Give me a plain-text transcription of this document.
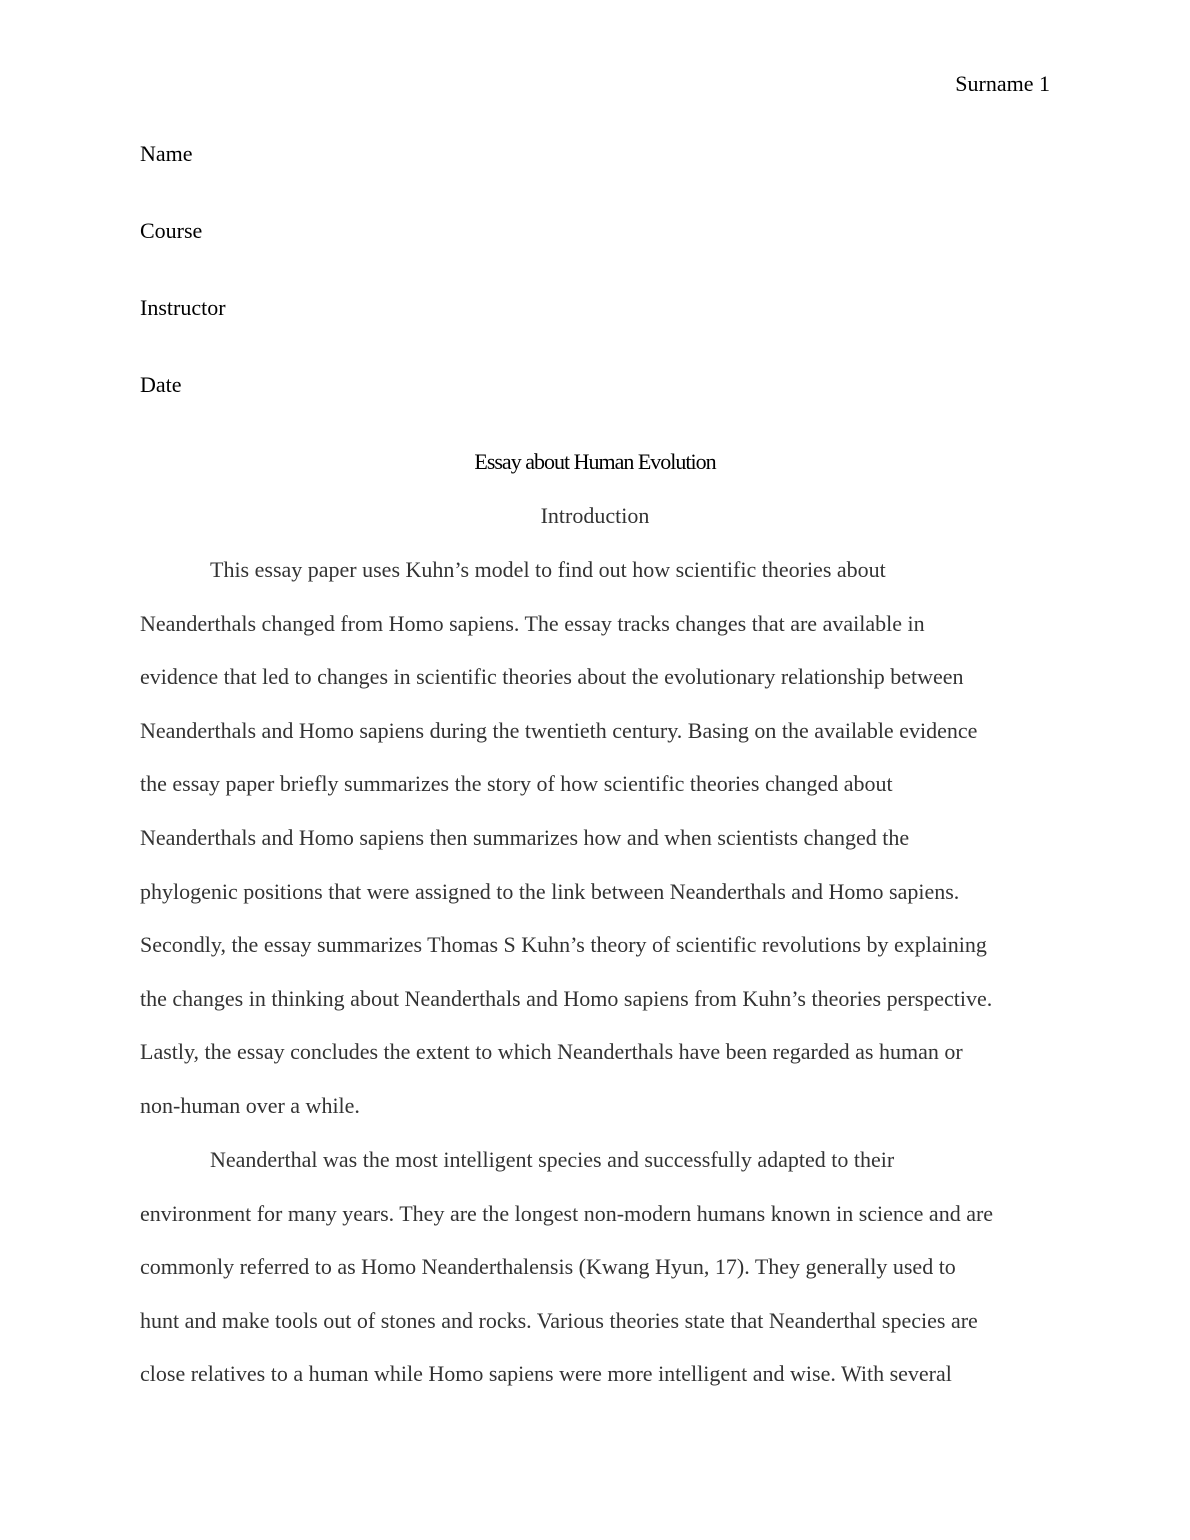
Surname 1
Name
Course
Instructor
Date
Essay about Human Evolution
Introduction
This essay paper uses Kuhn’s model to find out how scientific theories about
Neanderthals changed from Homo sapiens. The essay tracks changes that are available in
evidence that led to changes in scientific theories about the evolutionary relationship between
Neanderthals and Homo sapiens during the twentieth century. Basing on the available evidence
the essay paper briefly summarizes the story of how scientific theories changed about
Neanderthals and Homo sapiens then summarizes how and when scientists changed the
phylogenic positions that were assigned to the link between Neanderthals and Homo sapiens.
Secondly, the essay summarizes Thomas S Kuhn’s theory of scientific revolutions by explaining
the changes in thinking about Neanderthals and Homo sapiens from Kuhn’s theories perspective.
Lastly, the essay concludes the extent to which Neanderthals have been regarded as human or
non-human over a while.
Neanderthal was the most intelligent species and successfully adapted to their
environment for many years. They are the longest non-modern humans known in science and are
commonly referred to as Homo Neanderthalensis (Kwang Hyun, 17). They generally used to
hunt and make tools out of stones and rocks. Various theories state that Neanderthal species are
close relatives to a human while Homo sapiens were more intelligent and wise. With several
